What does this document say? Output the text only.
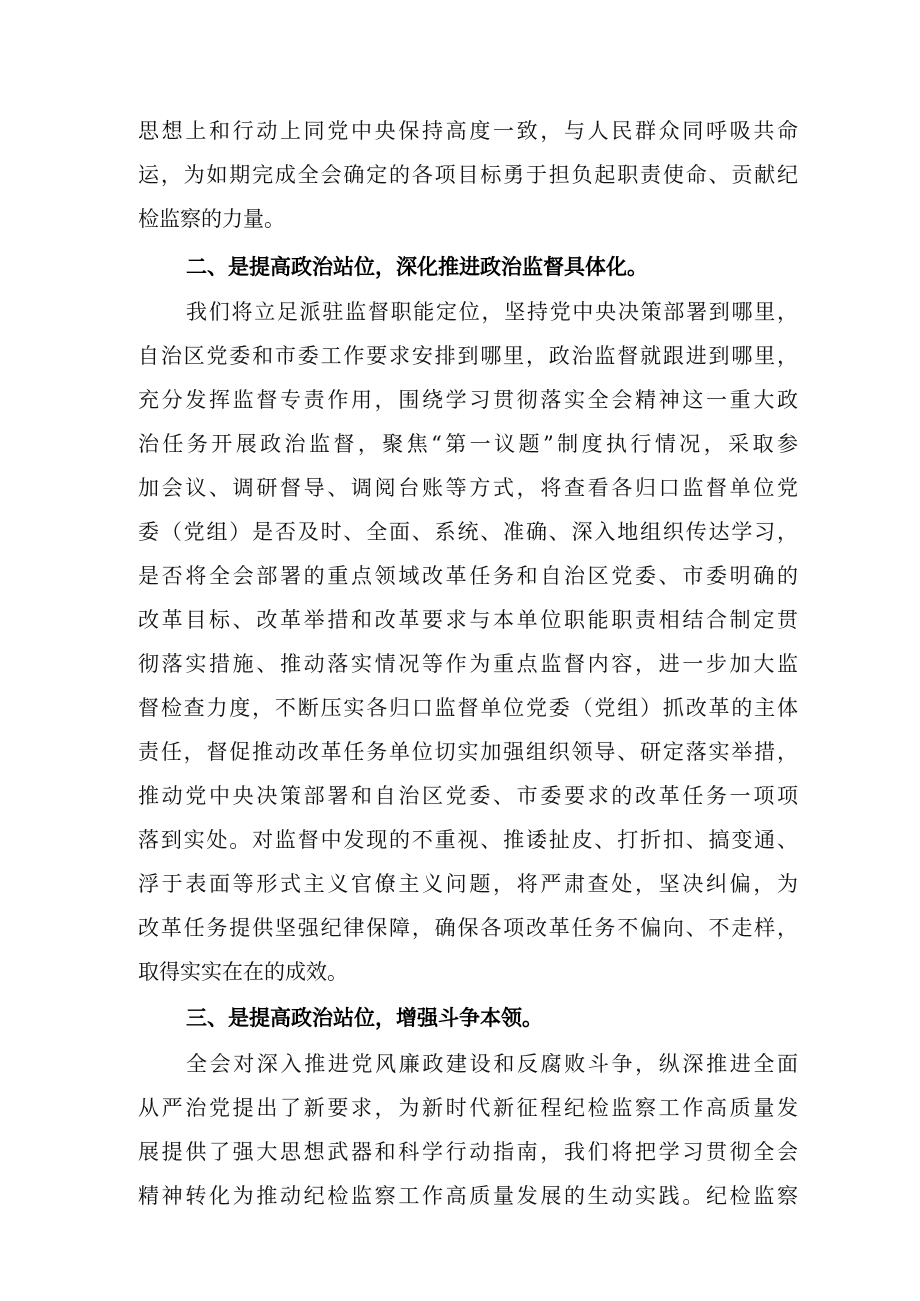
思想上和行动上同党中央保持高度一致，与人民群众同呼吸共命
运，为如期完成全会确定的各项目标勇于担负起职责使命、贡献纪
检监察的力量。
二、是提高政治站位，深化推进政治监督具体化。
我们将立足派驻监督职能定位，坚持党中央决策部署到哪里，
自治区党委和市委工作要求安排到哪里，政治监督就跟进到哪里，
充分发挥监督专责作用，围绕学习贯彻落实全会精神这一重大政
治任务开展政治监督，聚焦“第一议题”制度执行情况，采取参
加会议、调研督导、调阅台账等方式，将查看各归口监督单位党
委（党组）是否及时、全面、系统、准确、深入地组织传达学习，
是否将全会部署的重点领域改革任务和自治区党委、市委明确的
改革目标、改革举措和改革要求与本单位职能职责相结合制定贯
彻落实措施、推动落实情况等作为重点监督内容，进一步加大监
督检查力度，不断压实各归口监督单位党委（党组）抓改革的主体
责任，督促推动改革任务单位切实加强组织领导、研定落实举措，
推动党中央决策部署和自治区党委、市委要求的改革任务一项项
落到实处。对监督中发现的不重视、推诿扯皮、打折扣、搞变通、
浮于表面等形式主义官僚主义问题，将严肃查处，坚决纠偏，为
改革任务提供坚强纪律保障，确保各项改革任务不偏向、不走样，
取得实实在在的成效。
三、是提高政治站位，增强斗争本领。
全会对深入推进党风廉政建设和反腐败斗争，纵深推进全面
从严治党提出了新要求，为新时代新征程纪检监察工作高质量发
展提供了强大思想武器和科学行动指南，我们将把学习贯彻全会
精神转化为推动纪检监察工作高质量发展的生动实践。纪检监察
